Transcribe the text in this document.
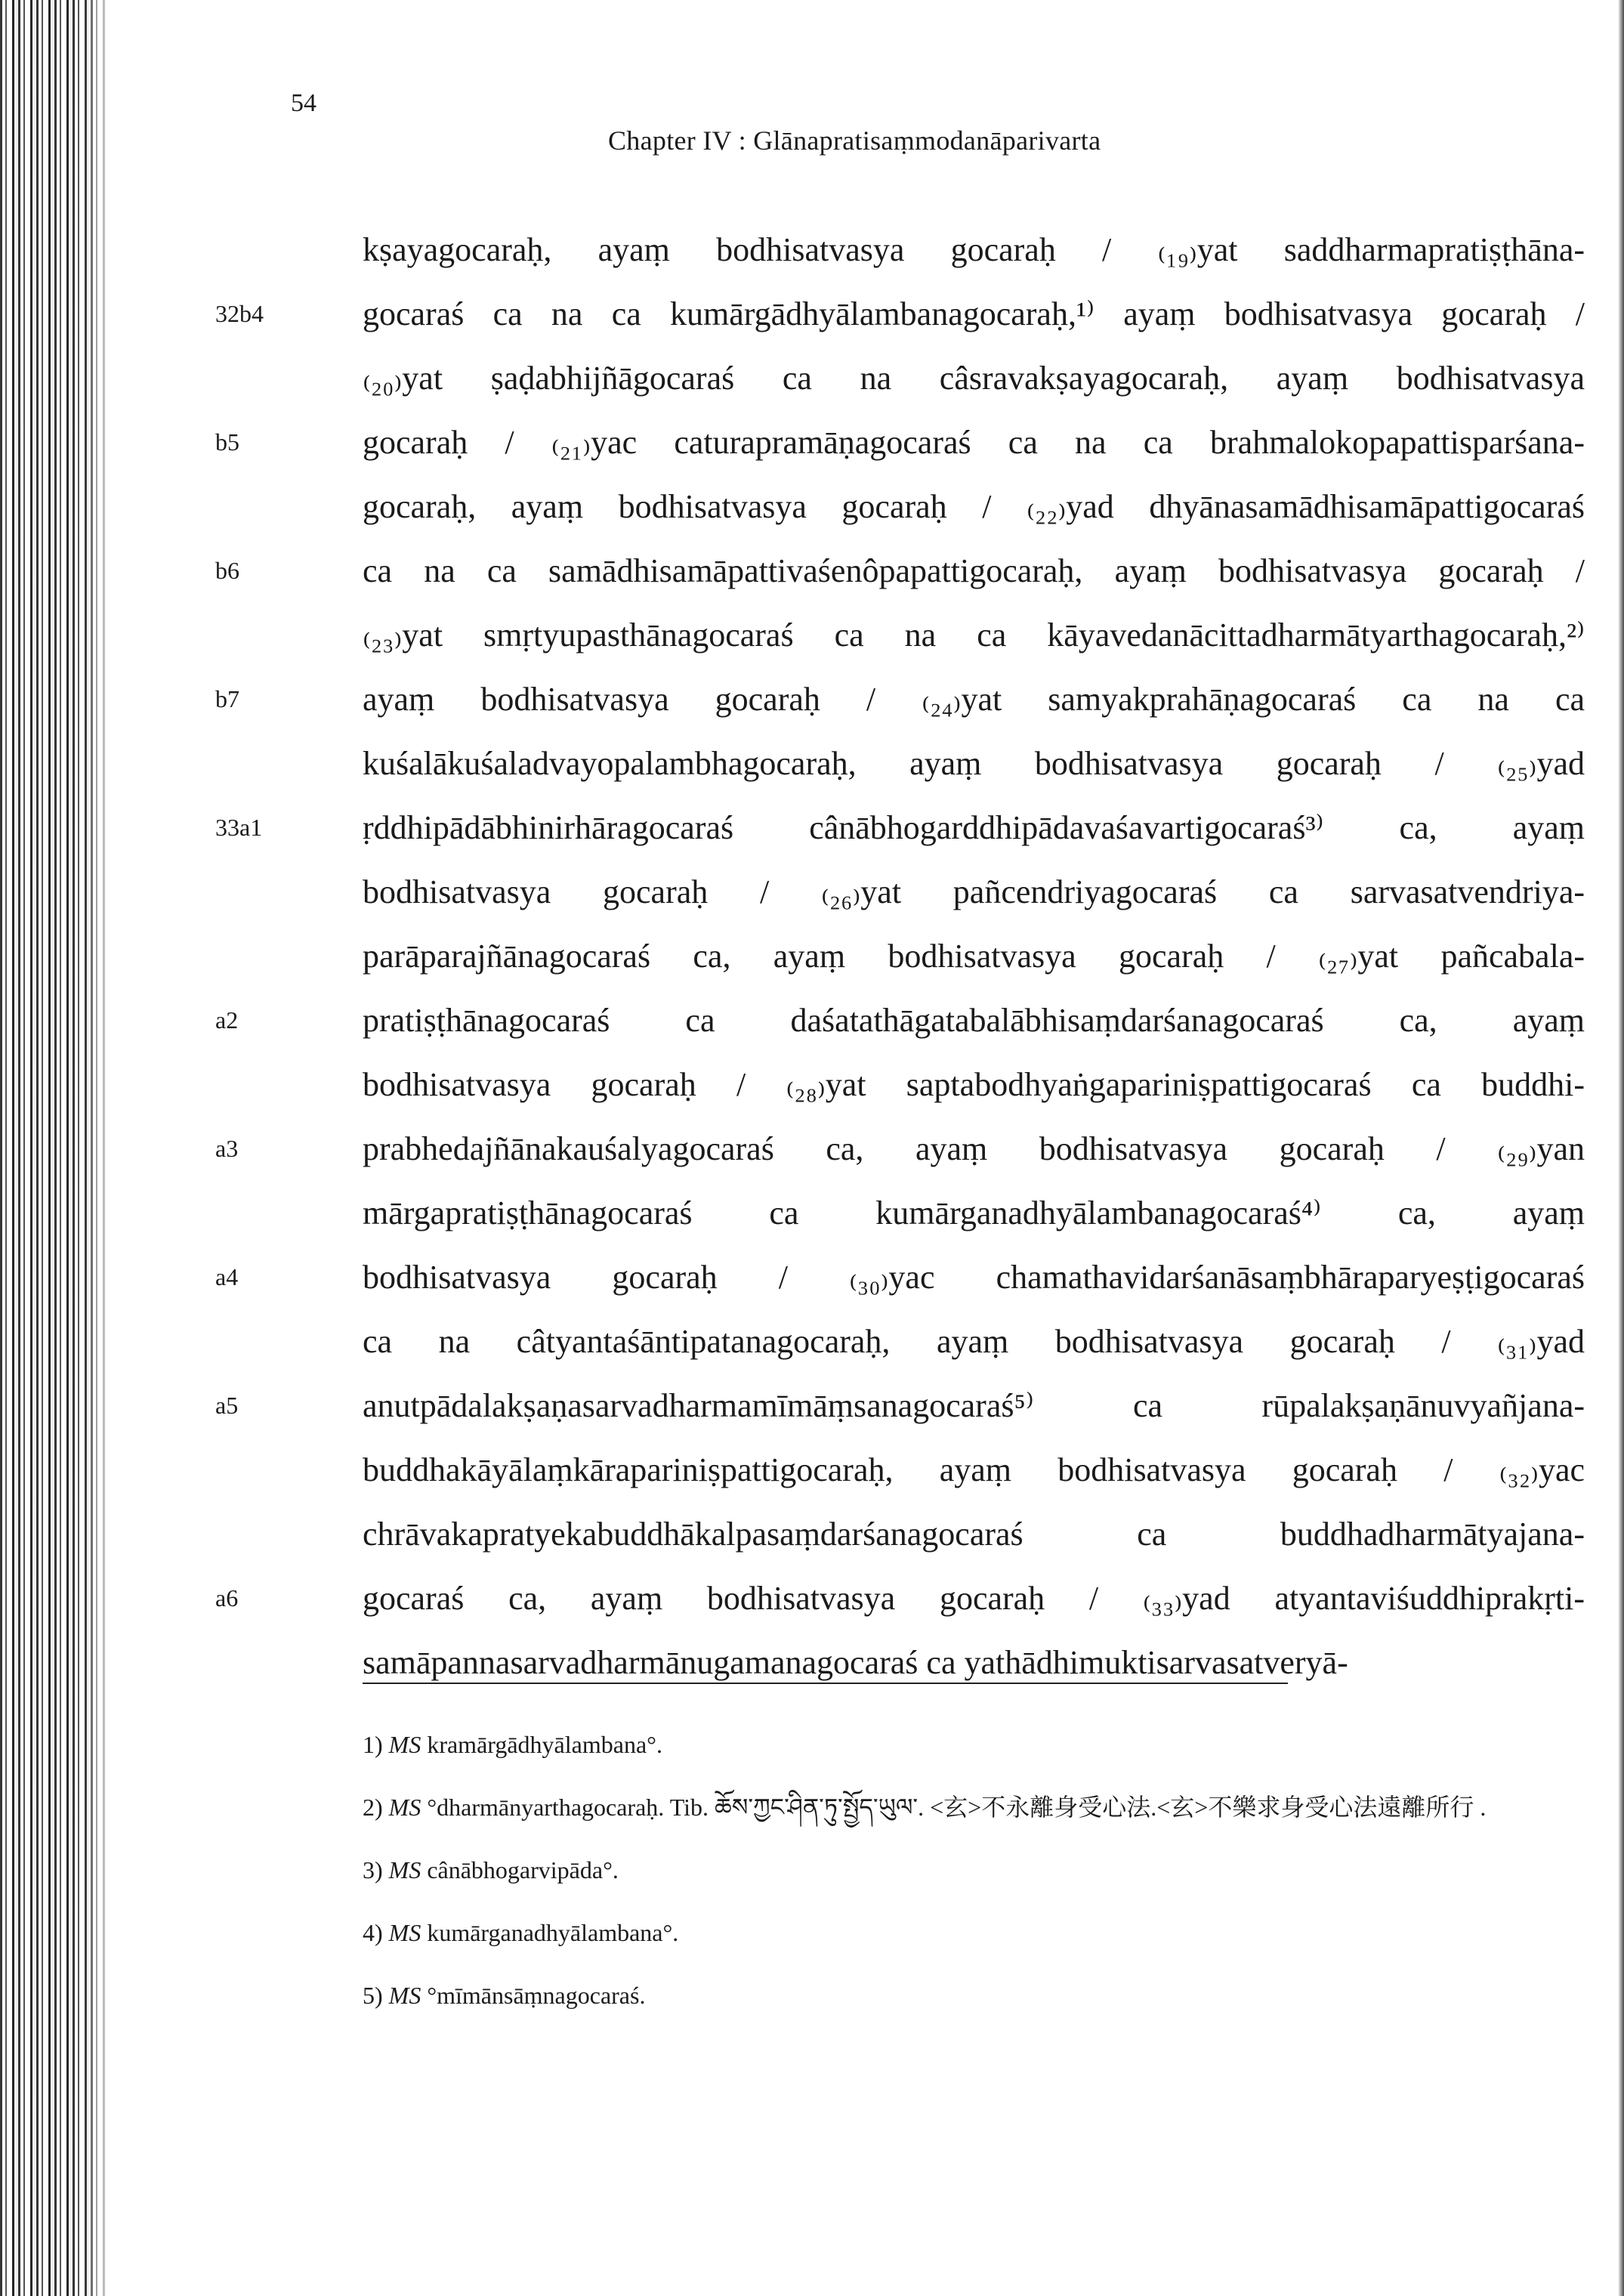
54
Chapter IV : Glānapratisaṃmodanāparivarta
kṣayagocaraḥ, ayaṃ bodhisatvasya gocaraḥ / ₍₁₉₎yat saddharmapratiṣṭhāna-
32b4	gocaraś ca na ca kumārgādhyālambanagocaraḥ,¹⁾ ayaṃ bodhisatvasya gocaraḥ /
₍₂₀₎yat ṣaḍabhijñāgocaraś ca na câsravakṣayagocaraḥ, ayaṃ bodhisatvasya
b5	gocaraḥ / ₍₂₁₎yac caturapramāṇagocaraś ca na ca brahmalokopapattisparśana-
gocaraḥ, ayaṃ bodhisatvasya gocaraḥ / ₍₂₂₎yad dhyānasamādhisamāpattigocaraś
b6	ca na ca samādhisamāpattivaśenôpapattigocaraḥ, ayaṃ bodhisatvasya gocaraḥ /
₍₂₃₎yat smṛtyupasthānagocaraś ca na ca kāyavedanācittadharmātyarthagocaraḥ,²⁾
b7	ayaṃ bodhisatvasya gocaraḥ / ₍₂₄₎yat samyakprahāṇagocaraś ca na ca
kuśalākuśaladvayopalambhagocaraḥ, ayaṃ bodhisatvasya gocaraḥ / ₍₂₅₎yad
33a1	ṛddhipādābhinirhāragocaraś cânābhogarddhipādavaśavartigocaraś³⁾ ca, ayaṃ
bodhisatvasya gocaraḥ / ₍₂₆₎yat pañcendriyagocaraś ca sarvasatvendriya-
parāparajñānagocaraś ca, ayaṃ bodhisatvasya gocaraḥ / ₍₂₇₎yat pañcabala-
a2	pratiṣṭhānagocaraś ca daśatathāgatabalābhisaṃdarśanagocaraś ca, ayaṃ
bodhisatvasya gocaraḥ / ₍₂₈₎yat saptabodhyaṅgapariniṣpattigocaraś ca buddhi-
a3	prabhedajñānakauśalyagocaraś ca, ayaṃ bodhisatvasya gocaraḥ / ₍₂₉₎yan
mārgapratiṣṭhānagocaraś ca kumārganadhyālambanagocaraś⁴⁾ ca, ayaṃ
a4	bodhisatvasya gocaraḥ / ₍₃₀₎yac chamathavidarśanāsaṃbhāraparyeṣṭigocaraś
ca na câtyantaśāntipatanagocaraḥ, ayaṃ bodhisatvasya gocaraḥ / ₍₃₁₎yad
a5	anutpādalakṣaṇasarvadharmamīmāṃsanagocaraś⁵⁾ ca rūpalakṣaṇānuvyañjana-
buddhakāyālaṃkārapariniṣpattigocaraḥ, ayaṃ bodhisatvasya gocaraḥ / ₍₃₂₎yac
chrāvakapratyekabuddhākalpasaṃdarśanagocaraś ca buddhadharmātyajana-
a6	gocaraś ca, ayaṃ bodhisatvasya gocaraḥ / ₍₃₃₎yad atyantaviśuddhiprakṛti-
samāpannasarvadharmānugamanagocaraś ca yathādhimuktisarvasatveryā-
1) MS kramārgādhyālambana°.
2) MS °dharmānyarthagocaraḥ. Tib. ཆོས་ཀྱང་ཤིན་ཏུ་སྤྱོད་ཡུལ་. <玄>不永離身受心法.<玄>不樂求身受心法遠離所行 .
3) MS cânābhogarvipāda°.
4) MS kumārganadhyālambana°.
5) MS °mīmānsāṃnagocaraś.
